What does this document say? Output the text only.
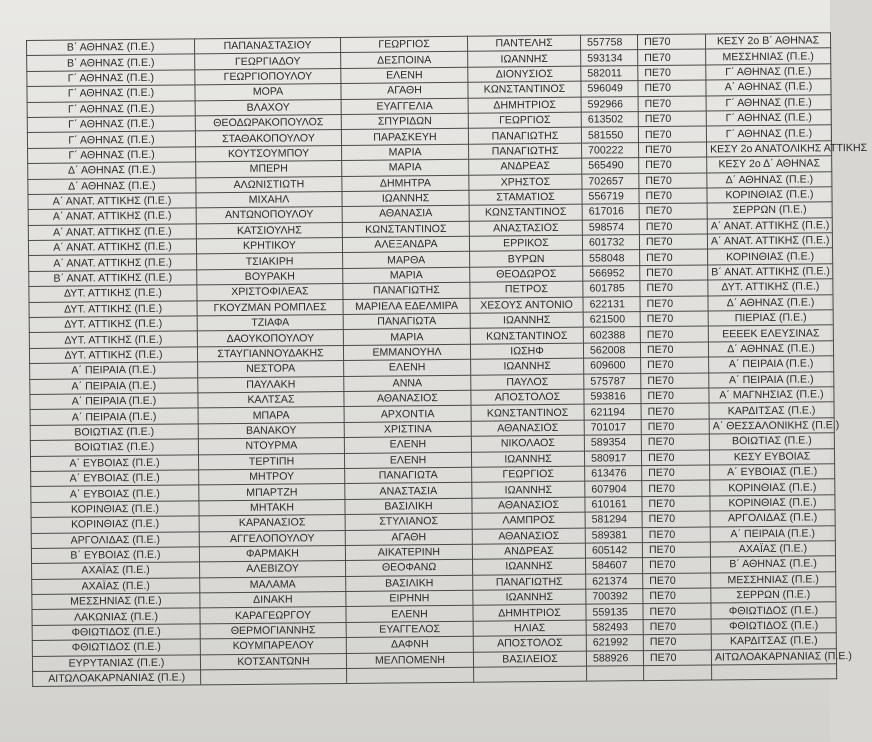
Β΄ ΑΘΗΝΑΣ (Π.Ε.)	ΠΑΠΑΝΑΣΤΑΣΙΟΥ	ΓΕΩΡΓΙΟΣ	ΠΑΝΤΕΛΗΣ	557758	ΠΕ70	ΚΕΣΥ 2ο Β΄ ΑΘΗΝΑΣ
Β΄ ΑΘΗΝΑΣ (Π.Ε.)	ΓΕΩΡΓΙΑΔΟΥ	ΔΕΣΠΟΙΝΑ	ΙΩΑΝΝΗΣ	593134	ΠΕ70	ΜΕΣΣΗΝΙΑΣ (Π.Ε.)
Γ΄ ΑΘΗΝΑΣ (Π.Ε.)	ΓΕΩΡΓΙΟΠΟΥΛΟΥ	ΕΛΕΝΗ	ΔΙΟΝΥΣΙΟΣ	582011	ΠΕ70	Γ΄ ΑΘΗΝΑΣ (Π.Ε.)
Γ΄ ΑΘΗΝΑΣ (Π.Ε.)	ΜΟΡΑ	ΑΓΑΘΗ	ΚΩΝΣΤΑΝΤΙΝΟΣ	596049	ΠΕ70	Α΄ ΑΘΗΝΑΣ (Π.Ε.)
Γ΄ ΑΘΗΝΑΣ (Π.Ε.)	ΒΛΑΧΟΥ	ΕΥΑΓΓΕΛΙΑ	ΔΗΜΗΤΡΙΟΣ	592966	ΠΕ70	Γ΄ ΑΘΗΝΑΣ (Π.Ε.)
Γ΄ ΑΘΗΝΑΣ (Π.Ε.)	ΘΕΟΔΩΡΑΚΟΠΟΥΛΟΣ	ΣΠΥΡΙΔΩΝ	ΓΕΩΡΓΙΟΣ	613502	ΠΕ70	Γ΄ ΑΘΗΝΑΣ (Π.Ε.)
Γ΄ ΑΘΗΝΑΣ (Π.Ε.)	ΣΤΑΘΑΚΟΠΟΥΛΟΥ	ΠΑΡΑΣΚΕΥΗ	ΠΑΝΑΓΙΩΤΗΣ	581550	ΠΕ70	Γ΄ ΑΘΗΝΑΣ (Π.Ε.)
Γ΄ ΑΘΗΝΑΣ (Π.Ε.)	ΚΟΥΤΣΟΥΜΠΟΥ	ΜΑΡΙΑ	ΠΑΝΑΓΙΩΤΗΣ	700222	ΠΕ70	ΚΕΣΥ 2ο ΑΝΑΤΟΛΙΚΗΣ ΑΤΤΙΚΗΣ
Δ΄ ΑΘΗΝΑΣ (Π.Ε.)	ΜΠΕΡΗ	ΜΑΡΙΑ	ΑΝΔΡΕΑΣ	565490	ΠΕ70	ΚΕΣΥ 2ο Δ΄ ΑΘΗΝΑΣ
Δ΄ ΑΘΗΝΑΣ (Π.Ε.)	ΑΛΩΝΙΣΤΙΩΤΗ	ΔΗΜΗΤΡΑ	ΧΡΗΣΤΟΣ	702657	ΠΕ70	Δ΄ ΑΘΗΝΑΣ (Π.Ε.)
Α΄ ΑΝΑΤ. ΑΤΤΙΚΗΣ (Π.Ε.)	ΜΙΧΑΗΛ	ΙΩΑΝΝΗΣ	ΣΤΑΜΑΤΙΟΣ	556719	ΠΕ70	ΚΟΡΙΝΘΙΑΣ (Π.Ε.)
Α΄ ΑΝΑΤ. ΑΤΤΙΚΗΣ (Π.Ε.)	ΑΝΤΩΝΟΠΟΥΛΟΥ	ΑΘΑΝΑΣΙΑ	ΚΩΝΣΤΑΝΤΙΝΟΣ	617016	ΠΕ70	ΣΕΡΡΩΝ (Π.Ε.)
Α΄ ΑΝΑΤ. ΑΤΤΙΚΗΣ (Π.Ε.)	ΚΑΤΣΙΟΥΛΗΣ	ΚΩΝΣΤΑΝΤΙΝΟΣ	ΑΝΑΣΤΑΣΙΟΣ	598574	ΠΕ70	Α΄ ΑΝΑΤ. ΑΤΤΙΚΗΣ (Π.Ε.)
Α΄ ΑΝΑΤ. ΑΤΤΙΚΗΣ (Π.Ε.)	ΚΡΗΤΙΚΟΥ	ΑΛΕΞΑΝΔΡΑ	ΕΡΡΙΚΟΣ	601732	ΠΕ70	Α΄ ΑΝΑΤ. ΑΤΤΙΚΗΣ (Π.Ε.)
Α΄ ΑΝΑΤ. ΑΤΤΙΚΗΣ (Π.Ε.)	ΤΣΙΑΚΙΡΗ	ΜΑΡΘΑ	ΒΥΡΩΝ	558048	ΠΕ70	ΚΟΡΙΝΘΙΑΣ (Π.Ε.)
Β΄ ΑΝΑΤ. ΑΤΤΙΚΗΣ (Π.Ε.)	ΒΟΥΡΑΚΗ	ΜΑΡΙΑ	ΘΕΟΔΩΡΟΣ	566952	ΠΕ70	Β΄ ΑΝΑΤ. ΑΤΤΙΚΗΣ (Π.Ε.)
ΔΥΤ. ΑΤΤΙΚΗΣ (Π.Ε.)	ΧΡΙΣΤΟΦΙΛΕΑΣ	ΠΑΝΑΓΙΩΤΗΣ	ΠΕΤΡΟΣ	601785	ΠΕ70	ΔΥΤ. ΑΤΤΙΚΗΣ (Π.Ε.)
ΔΥΤ. ΑΤΤΙΚΗΣ (Π.Ε.)	ΓΚΟΥΖΜΑΝ ΡΟΜΠΛΕΣ	ΜΑΡΙΕΛΑ ΕΔΕΛΜΙΡΑ	ΧΕΣΟΥΣ ΑΝΤΟΝΙΟ	622131	ΠΕ70	Δ΄ ΑΘΗΝΑΣ (Π.Ε.)
ΔΥΤ. ΑΤΤΙΚΗΣ (Π.Ε.)	ΤΖΙΑΦΑ	ΠΑΝΑΓΙΩΤΑ	ΙΩΑΝΝΗΣ	621500	ΠΕ70	ΠΙΕΡΙΑΣ (Π.Ε.)
ΔΥΤ. ΑΤΤΙΚΗΣ (Π.Ε.)	ΔΑΟΥΚΟΠΟΥΛΟΥ	ΜΑΡΙΑ	ΚΩΝΣΤΑΝΤΙΝΟΣ	602388	ΠΕ70	ΕΕΕΕΚ ΕΛΕΥΣΙΝΑΣ
ΔΥΤ. ΑΤΤΙΚΗΣ (Π.Ε.)	ΣΤΑΥΓΙΑΝΝΟΥΔΑΚΗΣ	ΕΜΜΑΝΟΥΗΛ	ΙΩΣΗΦ	562008	ΠΕ70	Δ΄ ΑΘΗΝΑΣ (Π.Ε.)
Α΄ ΠΕΙΡΑΙΑ (Π.Ε.)	ΝΕΣΤΟΡΑ	ΕΛΕΝΗ	ΙΩΑΝΝΗΣ	609600	ΠΕ70	Α΄ ΠΕΙΡΑΙΑ (Π.Ε.)
Α΄ ΠΕΙΡΑΙΑ (Π.Ε.)	ΠΑΥΛΑΚΗ	ΑΝΝΑ	ΠΑΥΛΟΣ	575787	ΠΕ70	Α΄ ΠΕΙΡΑΙΑ (Π.Ε.)
Α΄ ΠΕΙΡΑΙΑ (Π.Ε.)	ΚΑΛΤΣΑΣ	ΑΘΑΝΑΣΙΟΣ	ΑΠΟΣΤΟΛΟΣ	593816	ΠΕ70	Α΄ ΜΑΓΝΗΣΙΑΣ (Π.Ε.)
Α΄ ΠΕΙΡΑΙΑ (Π.Ε.)	ΜΠΑΡΑ	ΑΡΧΟΝΤΙΑ	ΚΩΝΣΤΑΝΤΙΝΟΣ	621194	ΠΕ70	ΚΑΡΔΙΤΣΑΣ (Π.Ε.)
ΒΟΙΩΤΙΑΣ (Π.Ε.)	ΒΑΝΑΚΟΥ	ΧΡΙΣΤΙΝΑ	ΑΘΑΝΑΣΙΟΣ	701017	ΠΕ70	Α΄ ΘΕΣΣΑΛΟΝΙΚΗΣ (Π.Ε.)
ΒΟΙΩΤΙΑΣ (Π.Ε.)	ΝΤΟΥΡΜΑ	ΕΛΕΝΗ	ΝΙΚΟΛΑΟΣ	589354	ΠΕ70	ΒΟΙΩΤΙΑΣ (Π.Ε.)
Α΄ ΕΥΒΟΙΑΣ (Π.Ε.)	ΤΕΡΤΙΠΗ	ΕΛΕΝΗ	ΙΩΑΝΝΗΣ	580917	ΠΕ70	ΚΕΣΥ ΕΥΒΟΙΑΣ
Α΄ ΕΥΒΟΙΑΣ (Π.Ε.)	ΜΗΤΡΟΥ	ΠΑΝΑΓΙΩΤΑ	ΓΕΩΡΓΙΟΣ	613476	ΠΕ70	Α΄ ΕΥΒΟΙΑΣ (Π.Ε.)
Α΄ ΕΥΒΟΙΑΣ (Π.Ε.)	ΜΠΑΡΤΖΗ	ΑΝΑΣΤΑΣΙΑ	ΙΩΑΝΝΗΣ	607904	ΠΕ70	ΚΟΡΙΝΘΙΑΣ (Π.Ε.)
ΚΟΡΙΝΘΙΑΣ (Π.Ε.)	ΜΗΤΑΚΗ	ΒΑΣΙΛΙΚΗ	ΑΘΑΝΑΣΙΟΣ	610161	ΠΕ70	ΚΟΡΙΝΘΙΑΣ (Π.Ε.)
ΚΟΡΙΝΘΙΑΣ (Π.Ε.)	ΚΑΡΑΝΑΣΙΟΣ	ΣΤΥΛΙΑΝΟΣ	ΛΑΜΠΡΟΣ	581294	ΠΕ70	ΑΡΓΟΛΙΔΑΣ (Π.Ε.)
ΑΡΓΟΛΙΔΑΣ (Π.Ε.)	ΑΓΓΕΛΟΠΟΥΛΟΥ	ΑΓΑΘΗ	ΑΘΑΝΑΣΙΟΣ	589381	ΠΕ70	Α΄ ΠΕΙΡΑΙΑ (Π.Ε.)
Β΄ ΕΥΒΟΙΑΣ (Π.Ε.)	ΦΑΡΜΑΚΗ	ΑΙΚΑΤΕΡΙΝΗ	ΑΝΔΡΕΑΣ	605142	ΠΕ70	ΑΧΑΪΑΣ (Π.Ε.)
ΑΧΑΪΑΣ (Π.Ε.)	ΑΛΕΒΙΖΟΥ	ΘΕΟΦΑΝΩ	ΙΩΑΝΝΗΣ	584607	ΠΕ70	Β΄ ΑΘΗΝΑΣ (Π.Ε.)
ΑΧΑΪΑΣ (Π.Ε.)	ΜΑΛΑΜΑ	ΒΑΣΙΛΙΚΗ	ΠΑΝΑΓΙΩΤΗΣ	621374	ΠΕ70	ΜΕΣΣΗΝΙΑΣ (Π.Ε.)
ΜΕΣΣΗΝΙΑΣ (Π.Ε.)	ΔΙΝΑΚΗ	ΕΙΡΗΝΗ	ΙΩΑΝΝΗΣ	700392	ΠΕ70	ΣΕΡΡΩΝ (Π.Ε.)
ΛΑΚΩΝΙΑΣ (Π.Ε.)	ΚΑΡΑΓΕΩΡΓΟΥ	ΕΛΕΝΗ	ΔΗΜΗΤΡΙΟΣ	559135	ΠΕ70	ΦΘΙΩΤΙΔΟΣ (Π.Ε.)
ΦΘΙΩΤΙΔΟΣ (Π.Ε.)	ΘΕΡΜΟΓΙΑΝΝΗΣ	ΕΥΑΓΓΕΛΟΣ	ΗΛΙΑΣ	582493	ΠΕ70	ΦΘΙΩΤΙΔΟΣ (Π.Ε.)
ΦΘΙΩΤΙΔΟΣ (Π.Ε.)	ΚΟΥΜΠΑΡΕΛΟΥ	ΔΑΦΝΗ	ΑΠΟΣΤΟΛΟΣ	621992	ΠΕ70	ΚΑΡΔΙΤΣΑΣ (Π.Ε.)
ΕΥΡΥΤΑΝΙΑΣ (Π.Ε.)	ΚΟΤΣΑΝΤΩΝΗ	ΜΕΛΠΟΜΕΝΗ	ΒΑΣΙΛΕΙΟΣ	588926	ΠΕ70	ΑΙΤΩΛΟΑΚΑΡΝΑΝΙΑΣ (Π.Ε.)
ΑΙΤΩΛΟΑΚΑΡΝΑΝΙΑΣ (Π.Ε.)						
